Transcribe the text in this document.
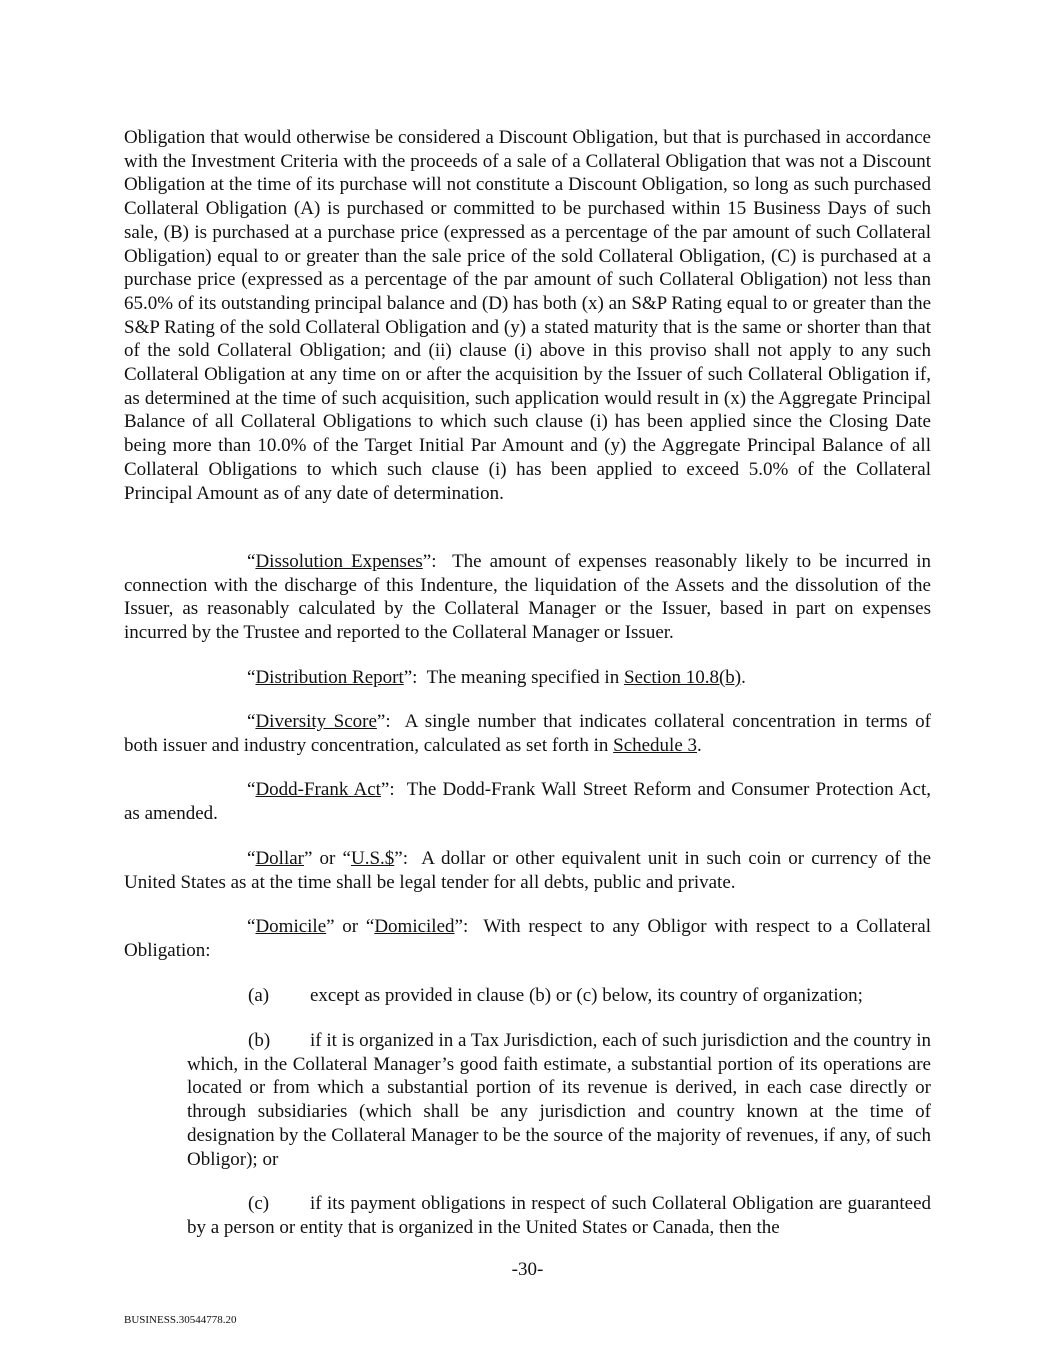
Obligation that would otherwise be considered a Discount Obligation, but that is purchased in accordance with the Investment Criteria with the proceeds of a sale of a Collateral Obligation that was not a Discount Obligation at the time of its purchase will not constitute a Discount Obligation, so long as such purchased Collateral Obligation (A) is purchased or committed to be purchased within 15 Business Days of such sale, (B) is purchased at a purchase price (expressed as a percentage of the par amount of such Collateral Obligation) equal to or greater than the sale price of the sold Collateral Obligation, (C) is purchased at a purchase price (expressed as a percentage of the par amount of such Collateral Obligation) not less than 65.0% of its outstanding principal balance and (D) has both (x) an S&P Rating equal to or greater than the S&P Rating of the sold Collateral Obligation and (y) a stated maturity that is the same or shorter than that of the sold Collateral Obligation; and (ii) clause (i) above in this proviso shall not apply to any such Collateral Obligation at any time on or after the acquisition by the Issuer of such Collateral Obligation if, as determined at the time of such acquisition, such application would result in (x) the Aggregate Principal Balance of all Collateral Obligations to which such clause (i) has been applied since the Closing Date being more than 10.0% of the Target Initial Par Amount and (y) the Aggregate Principal Balance of all Collateral Obligations to which such clause (i) has been applied to exceed 5.0% of the Collateral Principal Amount as of any date of determination.

“Dissolution Expenses”:  The amount of expenses reasonably likely to be incurred in connection with the discharge of this Indenture, the liquidation of the Assets and the dissolution of the Issuer, as reasonably calculated by the Collateral Manager or the Issuer, based in part on expenses incurred by the Trustee and reported to the Collateral Manager or Issuer.

“Distribution Report”:  The meaning specified in Section 10.8(b).

“Diversity Score”:  A single number that indicates collateral concentration in terms of both issuer and industry concentration, calculated as set forth in Schedule 3.

“Dodd-Frank Act”:  The Dodd-Frank Wall Street Reform and Consumer Protection Act, as amended.

“Dollar” or “U.S.$”:  A dollar or other equivalent unit in such coin or currency of the United States as at the time shall be legal tender for all debts, public and private.

“Domicile” or “Domiciled”:  With respect to any Obligor with respect to a Collateral Obligation:

(a) except as provided in clause (b) or (c) below, its country of organization;

(b) if it is organized in a Tax Jurisdiction, each of such jurisdiction and the country in which, in the Collateral Manager’s good faith estimate, a substantial portion of its operations are located or from which a substantial portion of its revenue is derived, in each case directly or through subsidiaries (which shall be any jurisdiction and country known at the time of designation by the Collateral Manager to be the source of the majority of revenues, if any, of such Obligor); or

(c) if its payment obligations in respect of such Collateral Obligation are guaranteed by a person or entity that is organized in the United States or Canada, then the

-30-

BUSINESS.30544778.20
